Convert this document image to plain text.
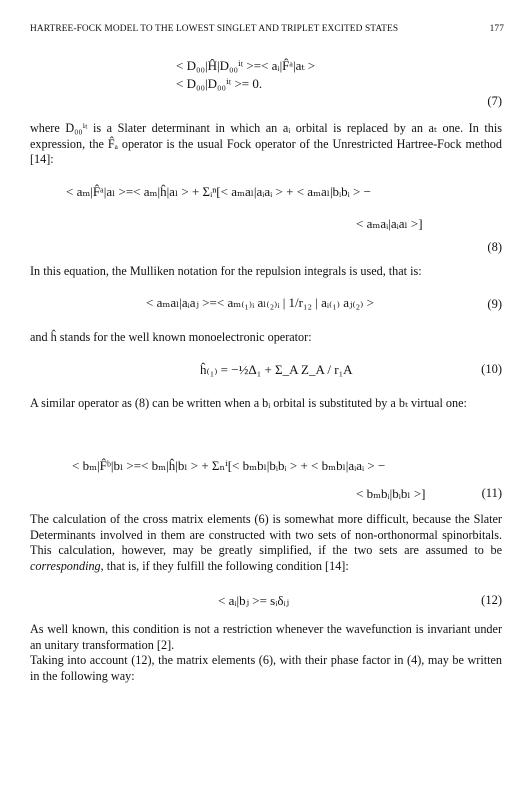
HARTREE-FOCK MODEL TO THE LOWEST SINGLET AND TRIPLET EXCITED STATES	177
< D₀₀|Ĥ|D₀₀ⁱᵗ >=< aᵢ|F̂ᵃ|aₜ >
< D₀₀|D₀₀ⁱᵗ >= 0.
(7)

where D₀₀ⁱᵗ is a Slater determinant in which an aᵢ orbital is replaced by an aₜ one. In this expression, the F̂ₐ operator is the usual Fock operator of the Unrestricted Hartree-Fock method [14]:

< aₘ|F̂ᵃ|aₗ >=< aₘ|ĥ|aₗ > + Σᵢⁿ[< aₘaₗ|aᵢaᵢ > + < aₘaₗ|bᵢbᵢ > −
< aₘaᵢ|aᵢaₗ >]
(8)
In this equation, the Mulliken notation for the repulsion integrals is used, that is:
< aₘaₗ|aᵢaⱼ >=< aₘ₍₁₎ᵢ aₗ₍₂₎ᵢ | 1/r₁₂ | aᵢ₍₁₎ aⱼ₍₂₎ >	(9)
and ĥ stands for the well known monoelectronic operator:
ĥ₍₁₎ = −½Δ₁ + Σ_A Z_A / r₁A	(10)

A similar operator as (8) can be written when a bᵢ orbital is substituted by a bₜ virtual one:

< bₘ|F̂ᵇ|bₗ >=< bₘ|ĥ|bₗ > + Σₙⁱ[< bₘbₗ|bᵢbᵢ > + < bₘbₗ|aᵢaᵢ > −
< bₘbᵢ|bᵢbₗ >]	(11)

The calculation of the cross matrix elements (6) is somewhat more difficult, because the Slater Determinants involved in them are constructed with two sets of non-orthonormal spinorbitals. This calculation, however, may be greatly simplified, if the two sets are assumed to be corresponding, that is, if they fulfill the following condition [14]:

< aᵢ|bⱼ >= sᵢδᵢⱼ	(12)

As well known, this condition is not a restriction whenever the wavefunction is invariant under an unitary transformation [2].

Taking into account (12), the matrix elements (6), with their phase factor in (4), may be written in the following way:
